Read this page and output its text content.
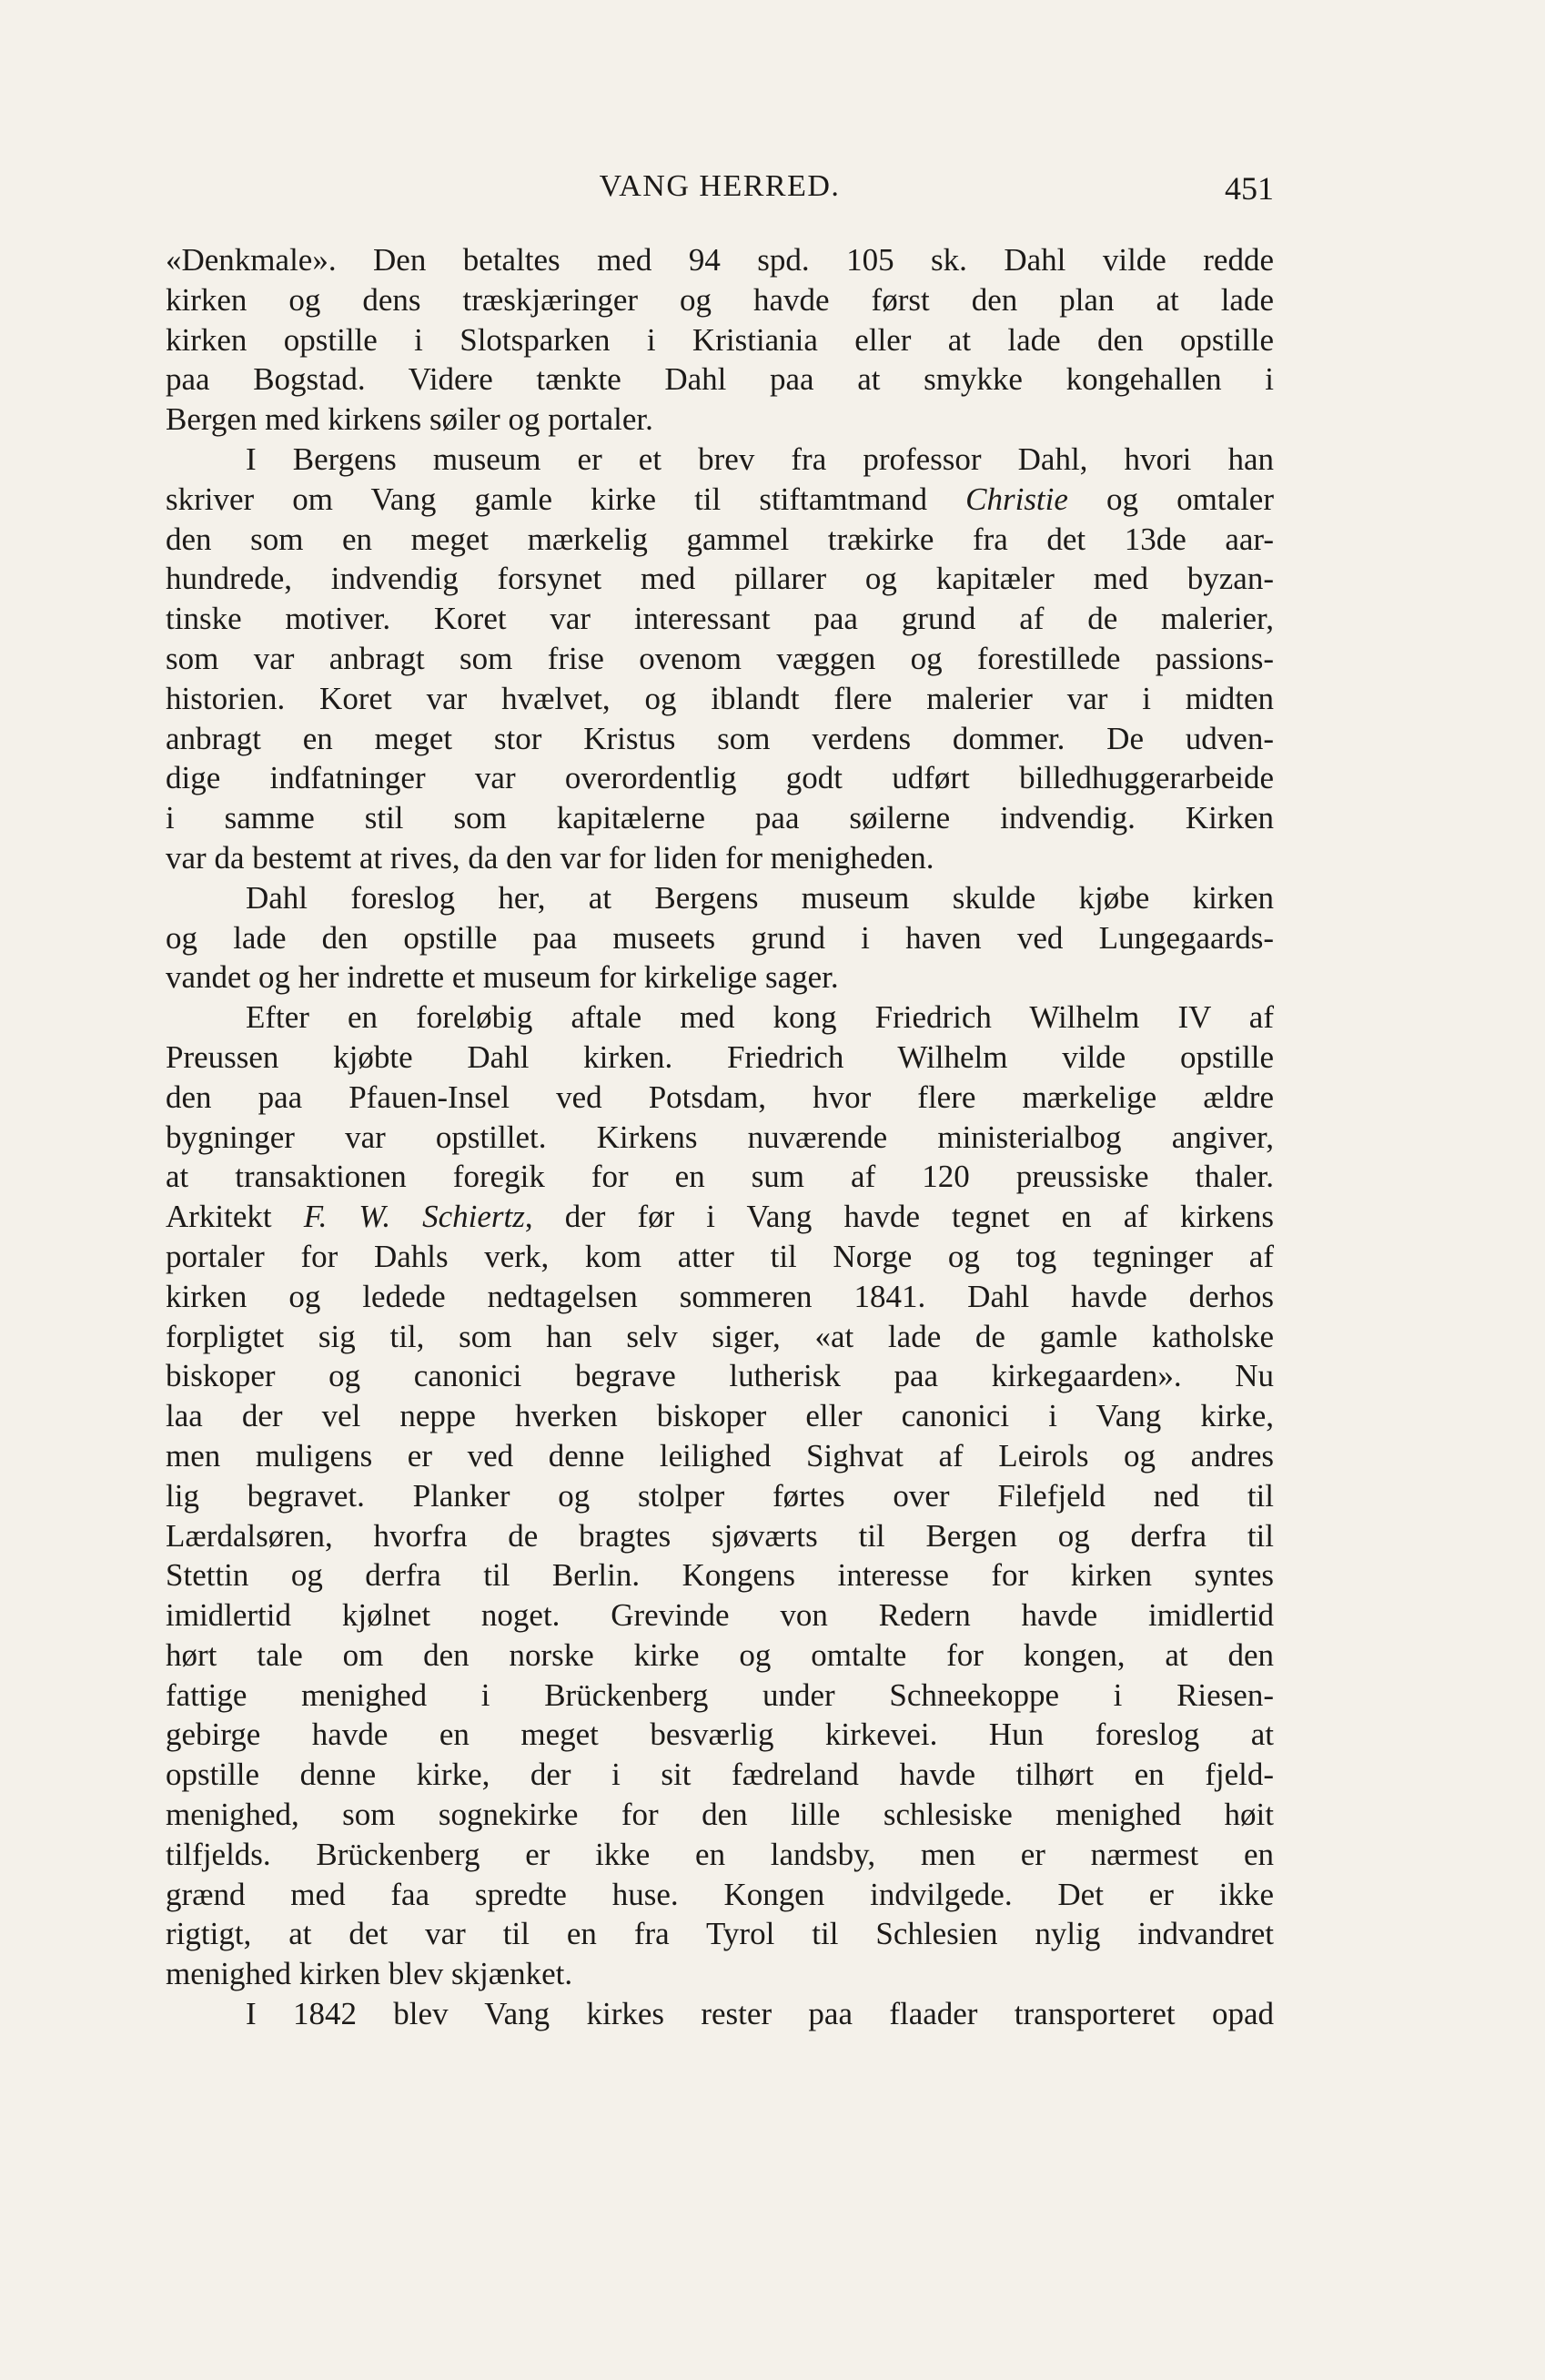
VANG HERRED.	451
«Denkmale». Den betaltes med 94 spd. 105 sk. Dahl vilde redde
kirken og dens træskjæringer og havde først den plan at lade
kirken opstille i Slotsparken i Kristiania eller at lade den opstille
paa Bogstad. Videre tænkte Dahl paa at smykke kongehallen i
Bergen med kirkens søiler og portaler.
I Bergens museum er et brev fra professor Dahl, hvori han
skriver om Vang gamle kirke til stiftamtmand Christie og omtaler
den som en meget mærkelig gammel trækirke fra det 13de aar-
hundrede, indvendig forsynet med pillarer og kapitæler med byzan-
tinske motiver. Koret var interessant paa grund af de malerier,
som var anbragt som frise ovenom væggen og forestillede passions-
historien. Koret var hvælvet, og iblandt flere malerier var i midten
anbragt en meget stor Kristus som verdens dommer. De udven-
dige indfatninger var overordentlig godt udført billedhuggerarbeide
i samme stil som kapitælerne paa søilerne indvendig. Kirken
var da bestemt at rives, da den var for liden for menigheden.
Dahl foreslog her, at Bergens museum skulde kjøbe kirken
og lade den opstille paa museets grund i haven ved Lungegaards-
vandet og her indrette et museum for kirkelige sager.
Efter en foreløbig aftale med kong Friedrich Wilhelm IV af
Preussen kjøbte Dahl kirken. Friedrich Wilhelm vilde opstille
den paa Pfauen-Insel ved Potsdam, hvor flere mærkelige ældre
bygninger var opstillet. Kirkens nuværende ministerialbog angiver,
at transaktionen foregik for en sum af 120 preussiske thaler.
Arkitekt F. W. Schiertz, der før i Vang havde tegnet en af kirkens
portaler for Dahls verk, kom atter til Norge og tog tegninger af
kirken og ledede nedtagelsen sommeren 1841. Dahl havde derhos
forpligtet sig til, som han selv siger, «at lade de gamle katholske
biskoper og canonici begrave lutherisk paa kirkegaarden». Nu
laa der vel neppe hverken biskoper eller canonici i Vang kirke,
men muligens er ved denne leilighed Sighvat af Leirols og andres
lig begravet. Planker og stolper førtes over Filefjeld ned til
Lærdalsøren, hvorfra de bragtes sjøværts til Bergen og derfra til
Stettin og derfra til Berlin. Kongens interesse for kirken syntes
imidlertid kjølnet noget. Grevinde von Redern havde imidlertid
hørt tale om den norske kirke og omtalte for kongen, at den
fattige menighed i Brückenberg under Schneekoppe i Riesen-
gebirge havde en meget besværlig kirkevei. Hun foreslog at
opstille denne kirke, der i sit fædreland havde tilhørt en fjeld-
menighed, som sognekirke for den lille schlesiske menighed høit
tilfjelds. Brückenberg er ikke en landsby, men er nærmest en
grænd med faa spredte huse. Kongen indvilgede. Det er ikke
rigtigt, at det var til en fra Tyrol til Schlesien nylig indvandret
menighed kirken blev skjænket.
I 1842 blev Vang kirkes rester paa flaader transporteret opad
